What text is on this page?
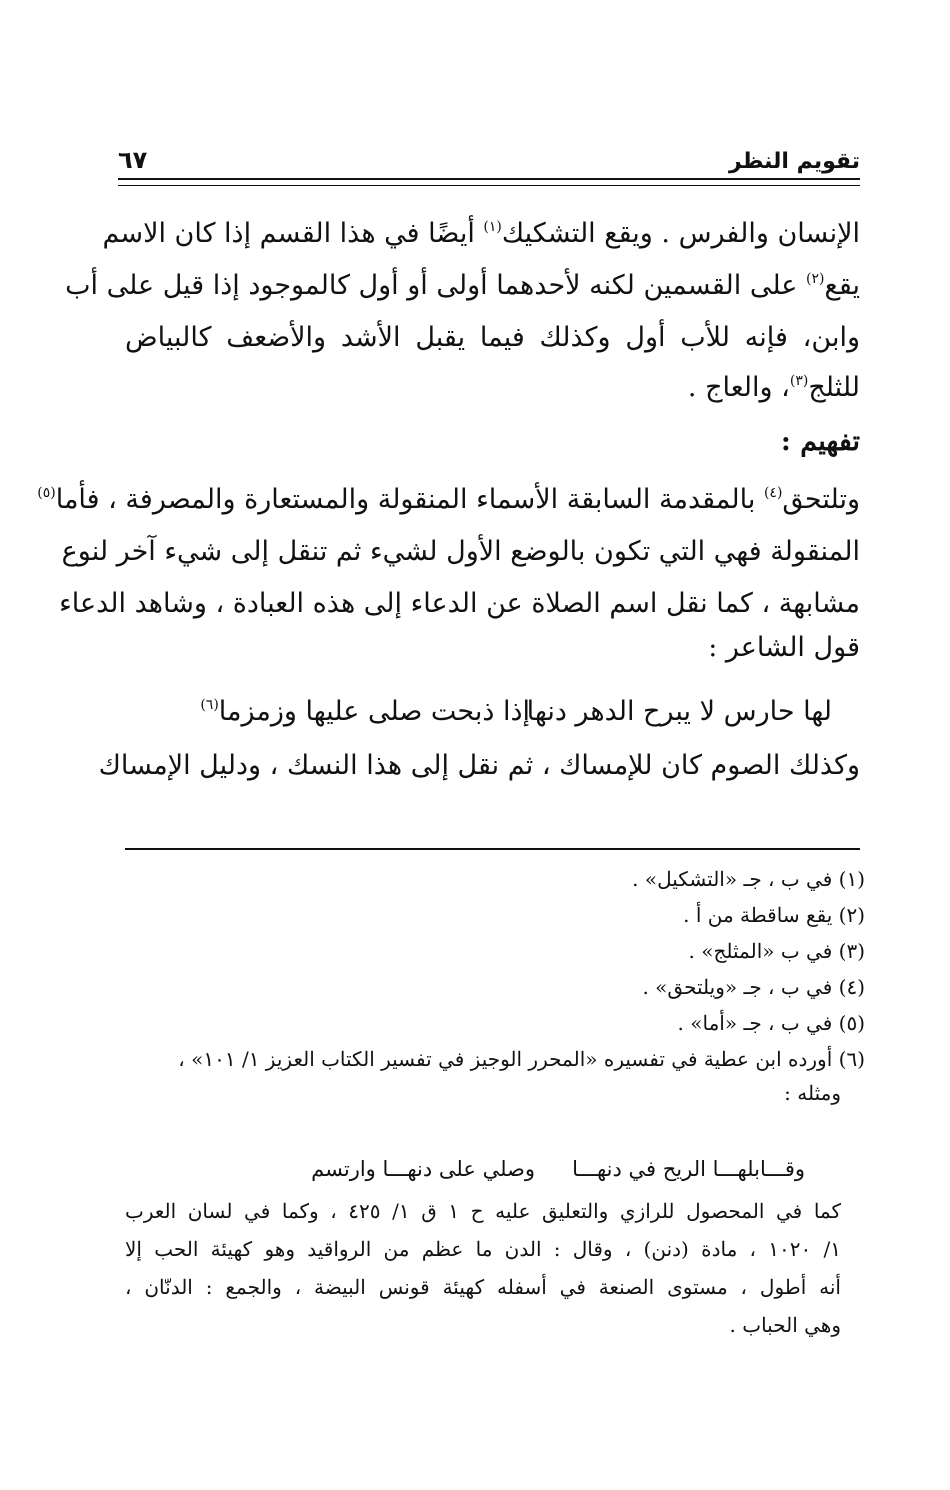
تقويم النظر
٦٧

الإنسان والفرس . ويقع التشكيك$^{(١)}$ أيضًا في هذا القسم إذا كان الاسم

يقع$^{(٢)}$ على القسمين لكنه لأحدهما أولى أو أول كالموجود إذا قيل على أب

وابن، فإنه للأب أول وكذلك فيما يقبل الأشد والأضعف كالبياض

للثلج$^{(٣)}$، والعاج .

تفهيم :

وتلتحق$^{(٤)}$ بالمقدمة السابقة الأسماء المنقولة والمستعارة والمصرفة ، فأما$^{(٥)}$

المنقولة فهي التي تكون بالوضع الأول لشيء ثم تنقل إلى شيء آخر لنوع

مشابهة ، كما نقل اسم الصلاة عن الدعاء إلى هذه العبادة ، وشاهد الدعاء

قول الشاعر :

لها حارس لا يبرح الدهر دنها
إذا ذبحت صلى عليها وزمزما$^{(٦)}$

وكذلك الصوم كان للإمساك ، ثم نقل إلى هذا النسك ، ودليل الإمساك

(١) في ب ، جـ «التشكيل» .

(٢) يقع ساقطة من أ .

(٣) في ب «المثلج» .

(٤) في ب ، جـ «ويلتحق» .

(٥) في ب ، جـ «أما» .

(٦) أورده ابن عطية في تفسيره «المحرر الوجيز في تفسير الكتاب العزيز ١/ ١٠١» ،

ومثله :

وقـــابلهـــا الريح في دنهـــا
وصلي على دنهـــا وارتسم

كما في المحصول للرازي والتعليق عليه ح ١ ق ١/ ٤٢٥ ، وكما في لسان العرب

١/ ١٠٢٠ ، مادة (دنن) ، وقال : الدن ما عظم من الرواقيد وهو كهيئة الحب إلا

أنه أطول ، مستوى الصنعة في أسفله كهيئة قونس البيضة ، والجمع : الدنّان ،

وهي الحباب .
